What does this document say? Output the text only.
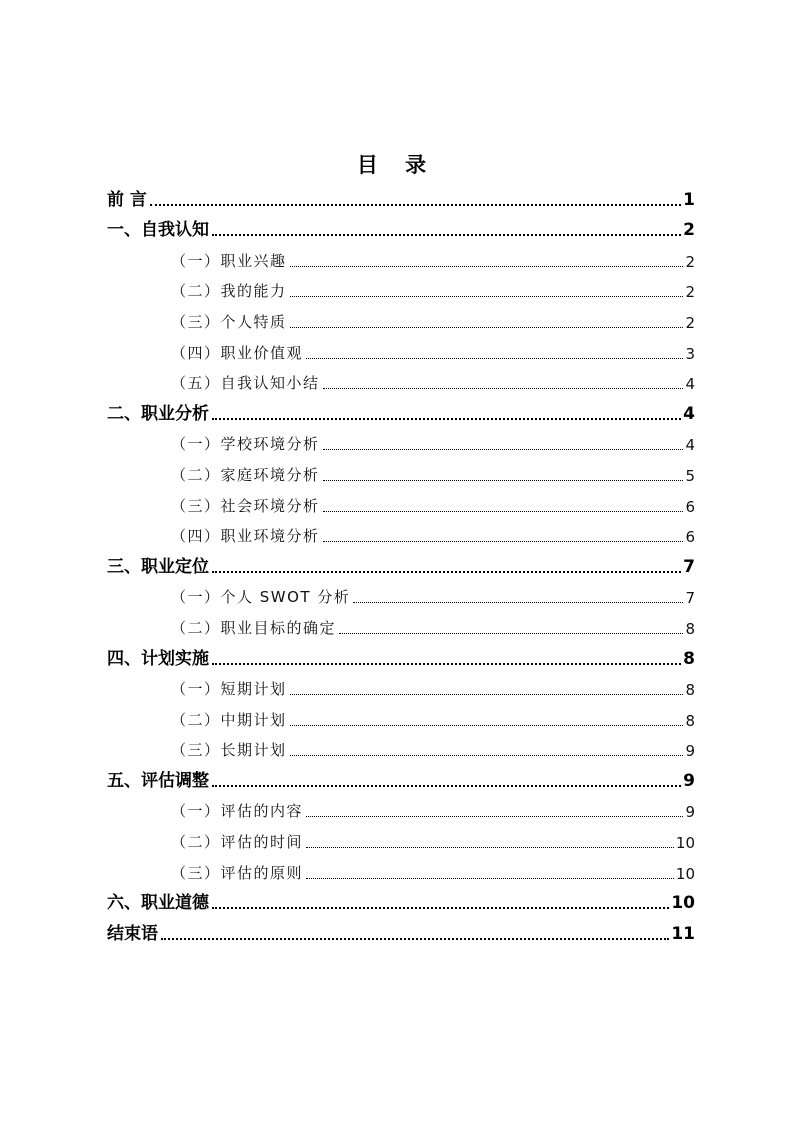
目 录
前 言	1
一、自我认知	2
（一）职业兴趣	2
（二）我的能力	2
（三）个人特质	2
（四）职业价值观	3
（五）自我认知小结	4
二、职业分析	4
（一）学校环境分析	4
（二）家庭环境分析	5
（三）社会环境分析	6
（四）职业环境分析	6
三、职业定位	7
（一）个人 SWOT 分析	7
（二）职业目标的确定	8
四、计划实施	8
（一）短期计划	8
（二）中期计划	8
（三）长期计划	9
五、评估调整	9
（一）评估的内容	9
（二）评估的时间	10
（三）评估的原则	10
六、职业道德	10
结束语	11
